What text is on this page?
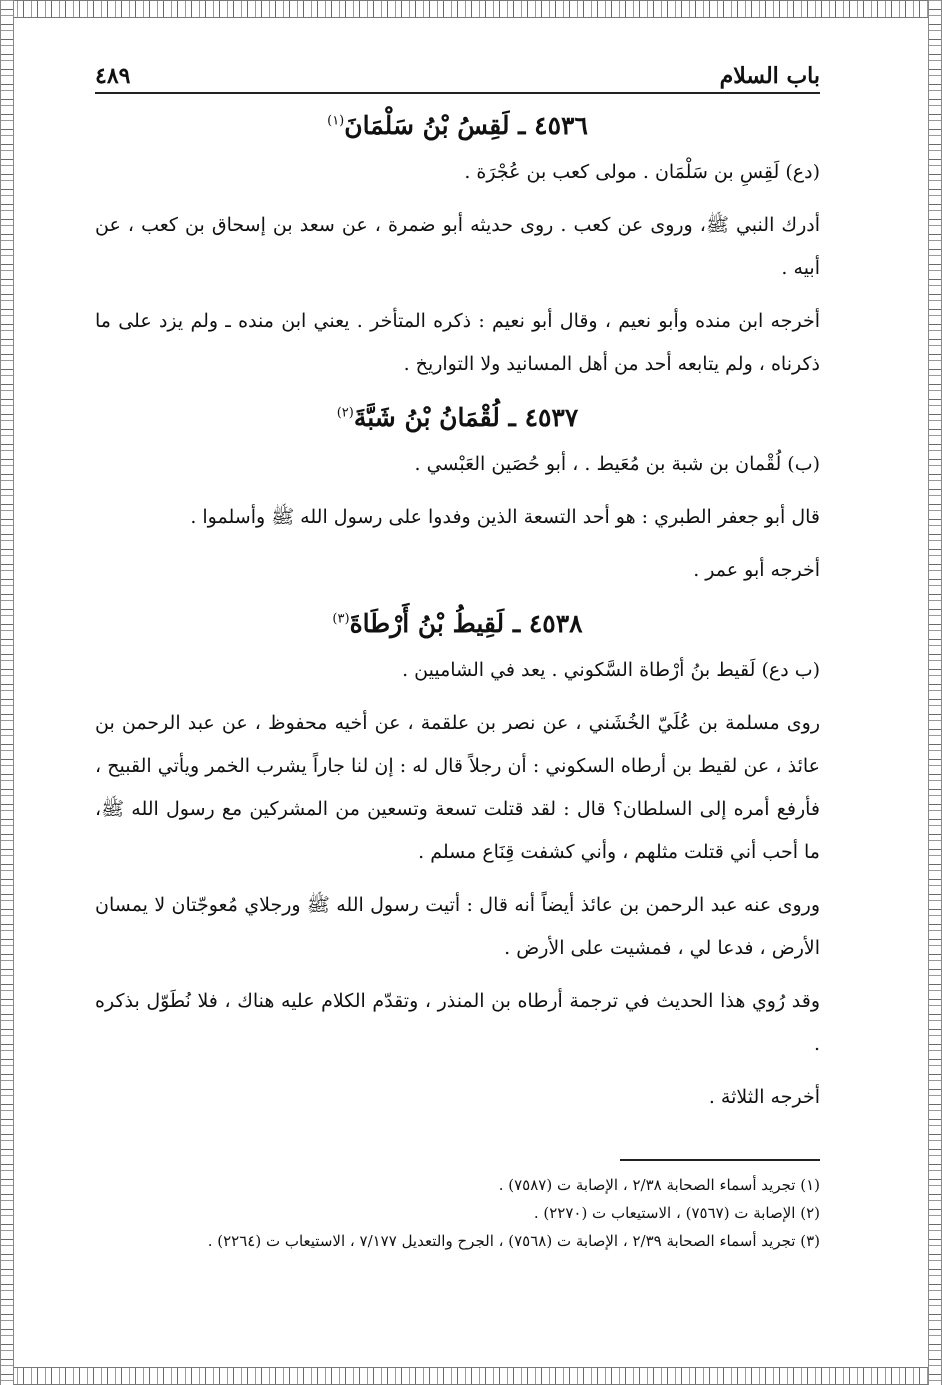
باب السلام
٤٨٩
٤٥٣٦ ـ لَقِسُ بْنُ سَلْمَانَ$^{(١)}$

(دع) لَقِسِ بن سَلْمَان . مولى كعب بن عُجْرَة .

أدرك النبي ﷺ، وروى عن كعب . روى حديثه أبو ضمرة ، عن سعد بن إسحاق بن كعب ، عن أبيه .

أخرجه ابن منده وأبو نعيم ، وقال أبو نعيم : ذكره المتأخر . يعني ابن منده ـ ولم يزد على ما ذكرناه ، ولم يتابعه أحد من أهل المسانيد ولا التواريخ .

٤٥٣٧ ـ لُقْمَانُ بْنُ شَبَّةَ$^{(٢)}$

(ب) لُقْمان بن شبة بن مُعَيط . ، أبو حُصَين العَبْسي .

قال أبو جعفر الطبري : هو أحد التسعة الذين وفدوا على رسول الله ﷺ وأسلموا .

أخرجه أبو عمر .

٤٥٣٨ ـ لَقِيطُ بْنُ أَرْطَاةَ$^{(٣)}$

(ب دع) لَقيط بنُ أرْطاة السَّكوني . يعد في الشاميين .

روى مسلمة بن عُلَيّ الخُشَني ، عن نصر بن علقمة ، عن أخيه محفوظ ، عن عبد الرحمن بن عائذ ، عن لقيط بن أرطاه السكوني : أن رجلاً قال له : إن لنا جاراً يشرب الخمر ويأتي القبيح ، فأرفع أمره إلى السلطان؟ قال : لقد قتلت تسعة وتسعين من المشركين مع رسول الله ﷺ، ما أحب أني قتلت مثلهم ، وأني كشفت قِنَاع مسلم .

وروى عنه عبد الرحمن بن عائذ أيضاً أنه قال : أتيت رسول الله ﷺ ورجلاي مُعوجّتان لا يمسان الأرض ، فدعا لي ، فمشيت على الأرض .

وقد رُوي هذا الحديث في ترجمة أرطاه بن المنذر ، وتقدّم الكلام عليه هناك ، فلا نُطَوّل بذكره .

أخرجه الثلاثة .

(١) تجريد أسماء الصحابة ٢/٣٨ ، الإصابة ت (٧٥٨٧) .

(٢) الإصابة ت (٧٥٦٧) ، الاستيعاب ت (٢٢٧٠) .

(٣) تجريد أسماء الصحابة ٢/٣٩ ، الإصابة ت (٧٥٦٨) ، الجرح والتعديل ٧/١٧٧ ، الاستيعاب ت (٢٢٦٤) .
